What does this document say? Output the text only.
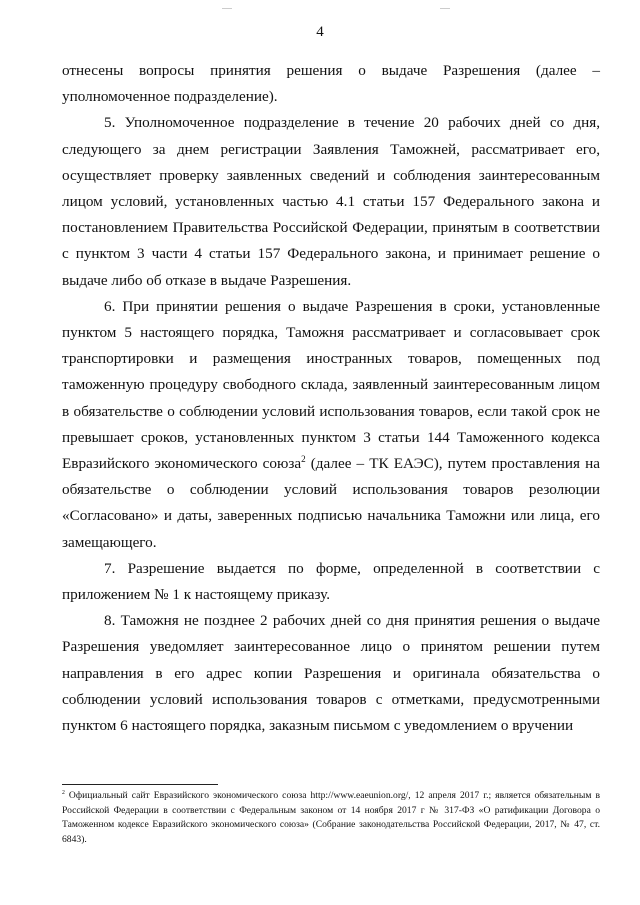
4

отнесены вопросы принятия решения о выдаче Разрешения (далее – уполномоченное подразделение).

5. Уполномоченное подразделение в течение 20 рабочих дней со дня, следующего за днем регистрации Заявления Таможней, рассматривает его, осуществляет проверку заявленных сведений и соблюдения заинтересованным лицом условий, установленных частью 4.1 статьи 157 Федерального закона и постановлением Правительства Российской Федерации, принятым в соответствии с пунктом 3 части 4 статьи 157 Федерального закона, и принимает решение о выдаче либо об отказе в выдаче Разрешения.

6. При принятии решения о выдаче Разрешения в сроки, установленные пунктом 5 настоящего порядка, Таможня рассматривает и согласовывает срок транспортировки и размещения иностранных товаров, помещенных под таможенную процедуру свободного склада, заявленный заинтересованным лицом в обязательстве о соблюдении условий использования товаров, если такой срок не превышает сроков, установленных пунктом 3 статьи 144 Таможенного кодекса Евразийского экономического союза$^2$ (далее – ТК ЕАЭС), путем проставления на обязательстве о соблюдении условий использования товаров резолюции «Согласовано» и даты, заверенных подписью начальника Таможни или лица, его замещающего.

7. Разрешение выдается по форме, определенной в соответствии с приложением № 1 к настоящему приказу.

8. Таможня не позднее 2 рабочих дней со дня принятия решения о выдаче Разрешения уведомляет заинтересованное лицо о принятом решении путем направления в его адрес копии Разрешения и оригинала обязательства о соблюдении условий использования товаров с отметками, предусмотренными пунктом 6 настоящего порядка, заказным письмом с уведомлением о вручении

$^2$ Официальный сайт Евразийского экономического союза http://www.eaeunion.org/, 12 апреля 2017 г.; является обязательным в Российской Федерации в соответствии с Федеральным законом от 14 ноября 2017 г № 317-ФЗ «О ратификации Договора о Таможенном кодексе Евразийского экономического союза» (Собрание законодательства Российской Федерации, 2017, № 47, ст. 6843).
